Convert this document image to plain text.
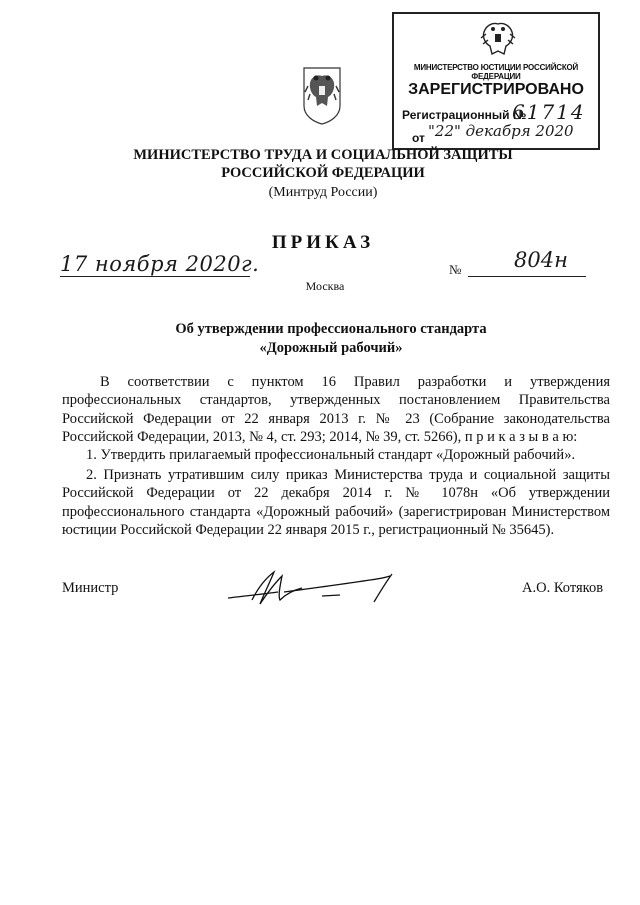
МИНИСТЕРСТВО ЮСТИЦИИ РОССИЙСКОЙ ФЕДЕРАЦИИ
ЗАРЕГИСТРИРОВАНО
Регистрационный №
61714
от "22" декабря 2020
МИНИСТЕРСТВО ТРУДА И СОЦИАЛЬНОЙ ЗАЩИТЫ
РОССИЙСКОЙ ФЕДЕРАЦИИ
(Минтруд России)
ПРИКАЗ
17 ноября 2020г.	№	804н
Москва
Об утверждении профессионального стандарта
«Дорожный рабочий»

В соответствии с пунктом 16 Правил разработки и утверждения профессиональных стандартов, утвержденных постановлением Правительства Российской Федерации от 22 января 2013 г. № 23 (Собрание законодательства Российской Федерации, 2013, № 4, ст. 293; 2014, № 39, ст. 5266), п р и к а з ы в а ю:

1. Утвердить прилагаемый профессиональный стандарт «Дорожный рабочий».

2. Признать утратившим силу приказ Министерства труда и социальной защиты Российской Федерации от 22 декабря 2014 г. № 1078н «Об утверждении профессионального стандарта «Дорожный рабочий» (зарегистрирован Министерством юстиции Российской Федерации 22 января 2015 г., регистрационный № 35645).

Министр	А.О. Котяков
